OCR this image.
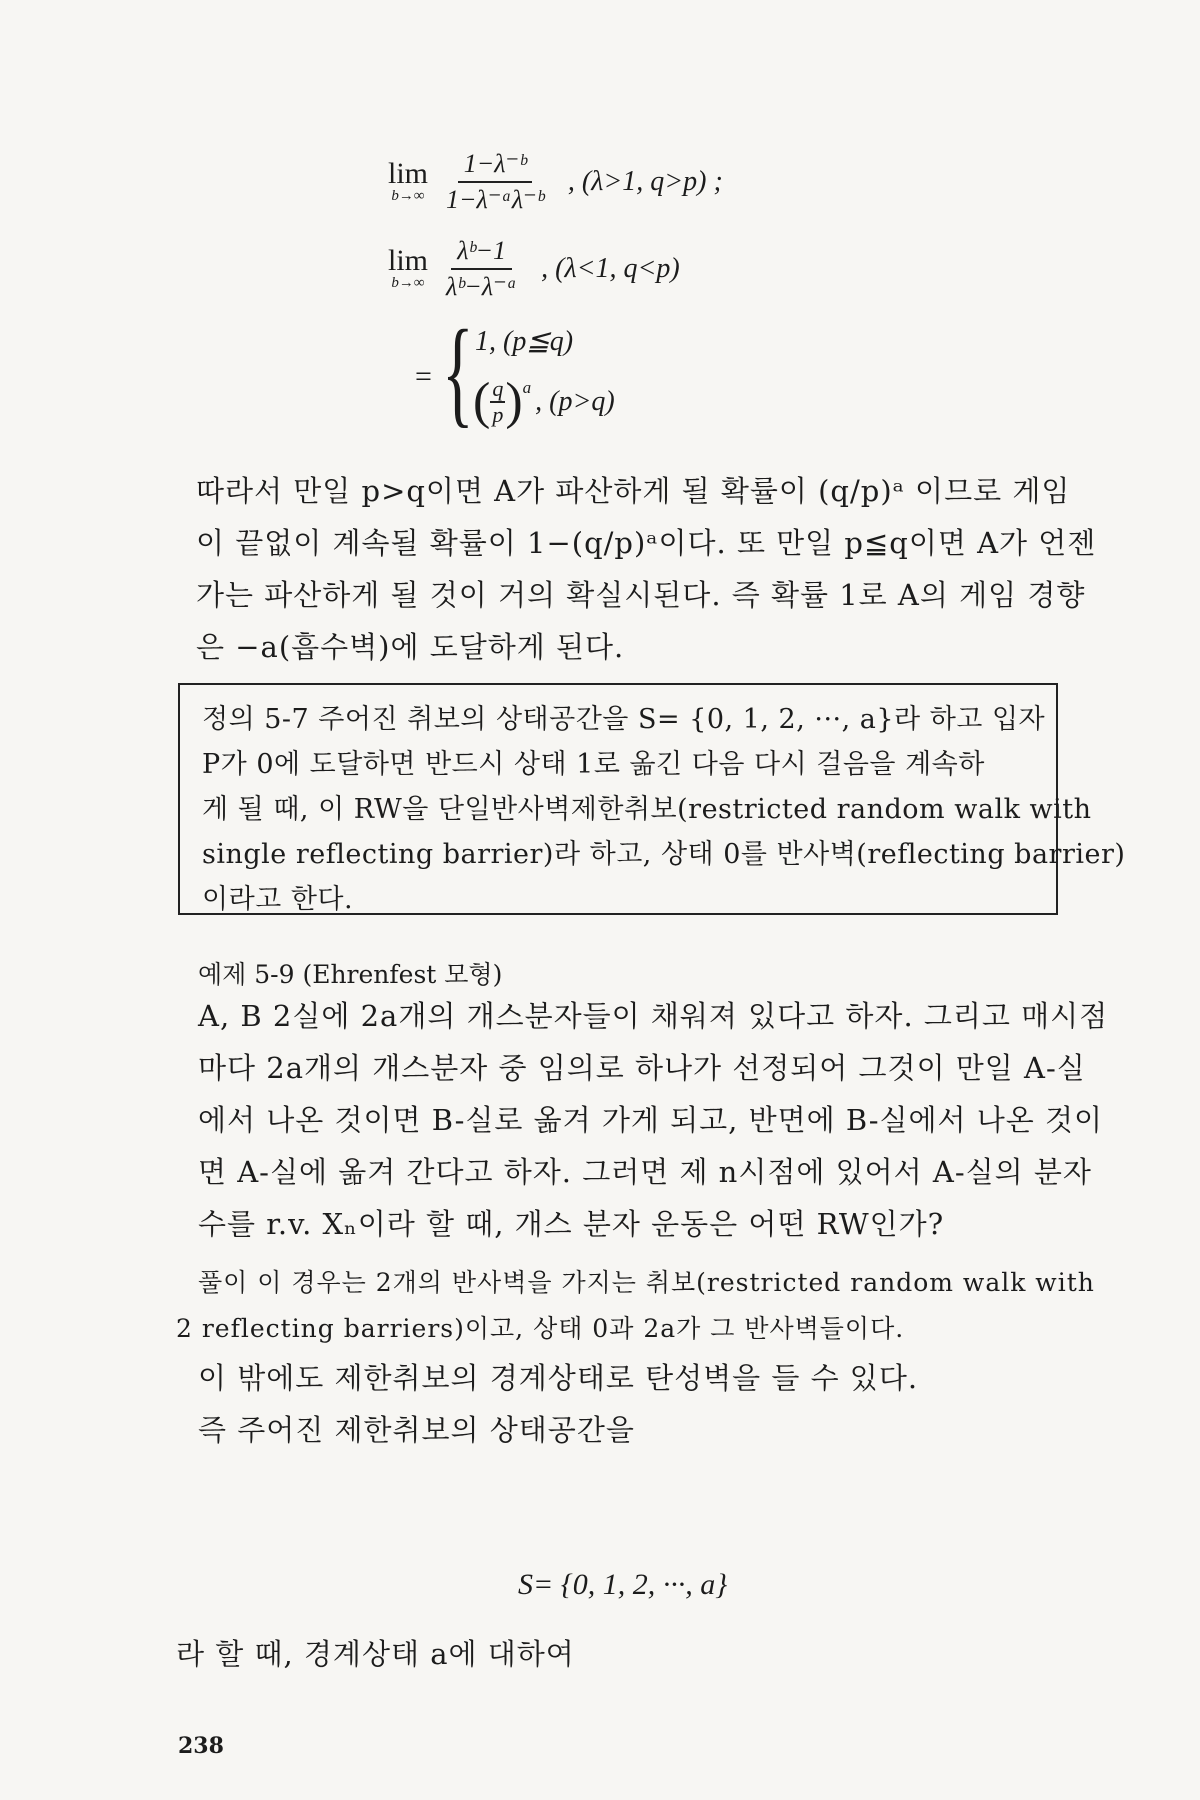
lim
$b\to\infty \frac{\text{1−λ⁻ᵇ}}{\text{1−λ⁻ᵃλ⁻ᵇ}}$ , (λ>1, q>p) ;
lim
$b\to\infty \frac{\text{λᵇ−1}}{\text{λᵇ−λ⁻ᵃ}}$ , (λ<1, q<p)
= { 1, (p≦q)
( $\frac{q}{p}$ ) a , (p>q)
따라서 만일 p>q이면 A가 파산하게 될 확률이 (q/p)ᵃ 이므로 게임
이 끝없이 계속될 확률이 1−(q/p)ᵃ이다. 또 만일 p≦q이면 A가 언젠
가는 파산하게 될 것이 거의 확실시된다. 즉 확률 1로 A의 게임 경향
은 −a(흡수벽)에 도달하게 된다.
정의 5-7 주어진 취보의 상태공간을 S= {0, 1, 2, ···, a}라 하고 입자
P가 0에 도달하면 반드시 상태 1로 옮긴 다음 다시 걸음을 계속하
게 될 때, 이 RW을 단일반사벽제한취보(restricted random walk with
single reflecting barrier)라 하고, 상태 0를 반사벽(reflecting barrier)
이라고 한다.
예제 5-9 (Ehrenfest 모형)
A, B 2실에 2a개의 개스분자들이 채워져 있다고 하자. 그리고 매시점
마다 2a개의 개스분자 중 임의로 하나가 선정되어 그것이 만일 A-실
에서 나온 것이면 B-실로 옮겨 가게 되고, 반면에 B-실에서 나온 것이
면 A-실에 옮겨 간다고 하자. 그러면 제 n시점에 있어서 A-실의 분자
수를 r.v. Xₙ이라 할 때, 개스 분자 운동은 어떤 RW인가?
풀이 이 경우는 2개의 반사벽을 가지는 취보(restricted random walk with
2 reflecting barriers)이고, 상태 0과 2a가 그 반사벽들이다.
이 밖에도 제한취보의 경계상태로 탄성벽을 들 수 있다.
즉 주어진 제한취보의 상태공간을
S= {0, 1, 2, ···, a}
라 할 때, 경계상태 a에 대하여
238
